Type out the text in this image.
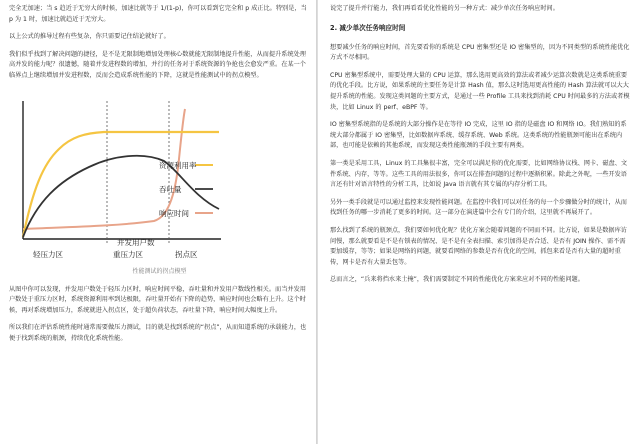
完全无加速；当 s 趋近于无穷大的时候，加速比就等于 1/(1-p)，你可以看到它完全和 p 成正比。特别是，当 p 为 1 时，加速比就趋近于无穷大。

以上公式的推导过程有些复杂，你只需要记住结论就好了。

我们似乎找到了解决问题的捷径，是不是无限制地增加处理核心数就能无限制地提升性能，从而提升系统处理高并发的能力呢？很遗憾，随着并发进程数的增加，并行的任务对于系统资源的争抢也会愈发严重。在某一个临界点上继续增加并发进程数，反而会造成系统性能的下降，这就是性能测试中的拐点模型。

资源利用率
吞吐量
响应时间
并发用户数
轻压力区	重压力区	拐点区
性能测试的拐点模型

从图中你可以发现，并发用户数处于轻压力区时，响应时间平稳，吞吐量和并发用户数线性相关。而当并发用户数处于重压力区时，系统资源利用率到达极限，吞吐量开始有下降的趋势，响应时间也会略有上升。这个时候，再对系统增加压力，系统就进入拐点区，处于超负荷状态，吞吐量下降，响应时间大幅度上升。

所以我们在评估系统性能时通常需要做压力测试，目的就是找到系统的“拐点”，从而知道系统的承载能力，也便于找到系统的瓶颈，持续优化系统性能。

说完了提升并行能力，我们再看看优化性能的另一种方式：减少单次任务响应时间。

2. 减少单次任务响应时间

想要减少任务的响应时间，首先要看你的系统是 CPU 密集型还是 IO 密集型的，因为不同类型的系统性能优化方式不尽相同。

CPU 密集型系统中，需要处理大量的 CPU 运算，那么选用更高效的算法或者减少运算次数就是这类系统重要的优化手段。比方说，如果系统的主要任务是计算 Hash 值，那么这时选用更高性能的 Hash 算法就可以大大提升系统的性能。发现这类问题的主要方式，是通过一些 Profile 工具来找到消耗 CPU 时间最多的方法或者模块，比如 Linux 的 perf、eBPF 等。

IO 密集型系统指的是系统的大部分操作是在等待 IO 完成，这里 IO 指的是磁盘 IO 和网络 IO。我们熟知的系统大部分都属于 IO 密集型，比如数据库系统、缓存系统、Web 系统。这类系统的性能瓶颈可能出在系统内部，也可能是依赖的其他系统，而发现这类性能瓶颈的手段主要有两类。

第一类是采用工具，Linux 的工具集很丰富，完全可以满足你的优化需要，比如网络协议栈、网卡、磁盘、文件系统、内存，等等。这些工具的用法很多，你可以在排查问题的过程中逐渐积累。除此之外呢，一些开发语言还有针对语言特性的分析工具，比如说 Java 语言就有其专属的内存分析工具。

另外一类手段就是可以通过监控来发现性能问题。在监控中我们可以对任务的每一个步骤做分时的统计，从而找到任务的哪一步消耗了更多的时间。这一部分在演进篇中会有专门的介绍，这里就不再展开了。

那么找到了系统的瓶颈点，我们要如何优化呢？优化方案会随着问题的不同而不同。比方说，如果是数据库访问慢，那么就要看是不是有锁表的情况、是不是有全表扫描、索引加得是否合适、是否有 JOIN 操作、需不需要加缓存，等等；如果是网络的问题，就要看网络的参数是否有优化的空间，抓包来看是否有大量的超时重传，网卡是否有大量丢包等。

总而言之，“兵来将挡水来土掩”，我们需要制定不同的性能优化方案来应对不同的性能问题。
